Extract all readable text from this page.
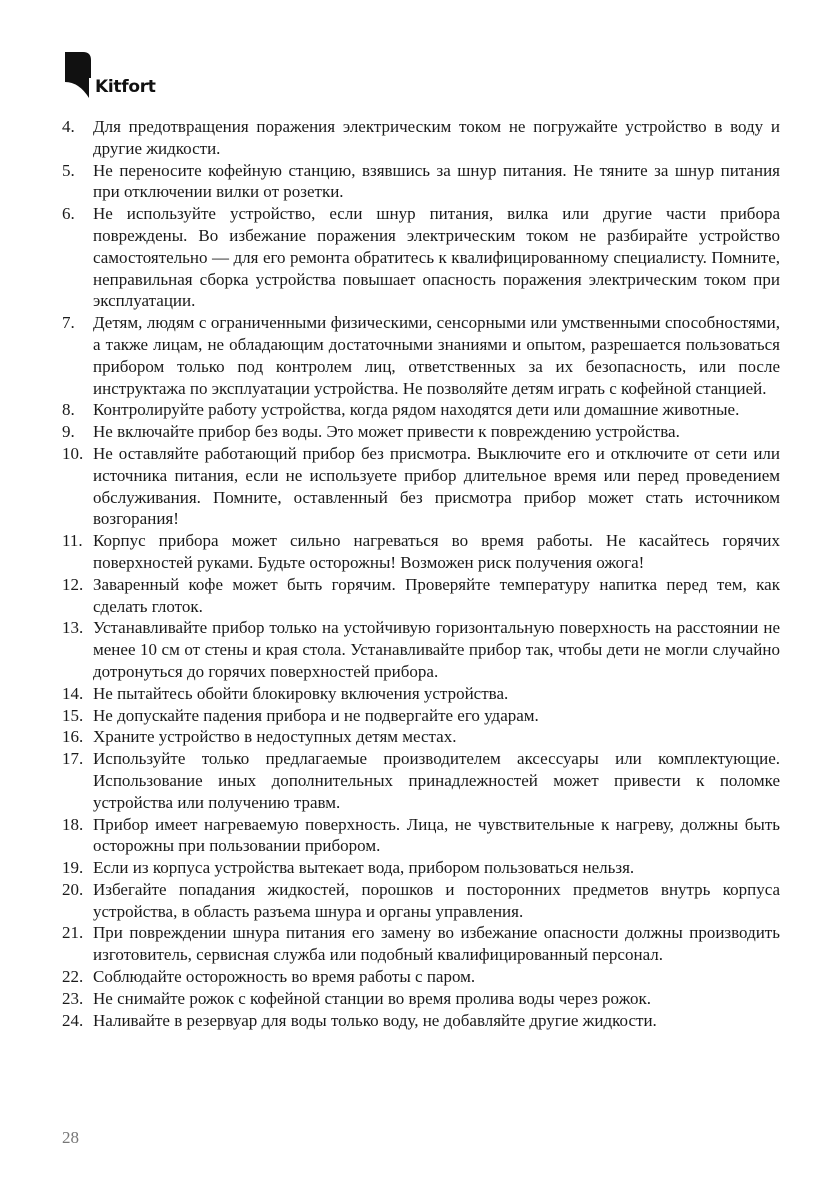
Kitfort
4. Для предотвращения поражения электрическим током не погружайте устройство в воду и другие жидкости.
5. Не переносите кофейную станцию, взявшись за шнур питания. Не тяните за шнур питания при отключении вилки от розетки.
6. Не используйте устройство, если шнур питания, вилка или другие части прибора повреждены. Во избежание поражения электрическим током не разбирайте устройство самостоятельно — для его ремонта обратитесь к квалифицированному специалисту. Помните, неправильная сборка устройства повышает опасность поражения электрическим током при эксплуатации.
7. Детям, людям с ограниченными физическими, сенсорными или умственными способностями, а также лицам, не обладающим достаточными знаниями и опытом, разрешается пользоваться прибором только под контролем лиц, ответственных за их безопасность, или после инструктажа по эксплуатации устройства. Не позволяйте детям играть с кофейной станцией.
8. Контролируйте работу устройства, когда рядом находятся дети или домашние животные.
9. Не включайте прибор без воды. Это может привести к повреждению устройства.
10. Не оставляйте работающий прибор без присмотра. Выключите его и отключите от сети или источника питания, если не используете прибор длительное время или перед проведением обслуживания. Помните, оставленный без присмотра прибор может стать источником возгорания!
11. Корпус прибора может сильно нагреваться во время работы. Не касайтесь горячих поверхностей руками. Будьте осторожны! Возможен риск получения ожога!
12. Заваренный кофе может быть горячим. Проверяйте температуру напитка перед тем, как сделать глоток.
13. Устанавливайте прибор только на устойчивую горизонтальную поверхность на расстоянии не менее 10 см от стены и края стола. Устанавливайте прибор так, чтобы дети не могли случайно дотронуться до горячих поверхностей прибора.
14. Не пытайтесь обойти блокировку включения устройства.
15. Не допускайте падения прибора и не подвергайте его ударам.
16. Храните устройство в недоступных детям местах.
17. Используйте только предлагаемые производителем аксессуары или комплектующие. Использование иных дополнительных принадлежностей может привести к поломке устройства или получению травм.
18. Прибор имеет нагреваемую поверхность. Лица, не чувствительные к нагреву, должны быть осторожны при пользовании прибором.
19. Если из корпуса устройства вытекает вода, прибором пользоваться нельзя.
20. Избегайте попадания жидкостей, порошков и посторонних предметов внутрь корпуса устройства, в область разъема шнура и органы управления.
21. При повреждении шнура питания его замену во избежание опасности должны производить изготовитель, сервисная служба или подобный квалифицированный персонал.
22. Соблюдайте осторожность во время работы с паром.
23. Не снимайте рожок с кофейной станции во время пролива воды через рожок.
24. Наливайте в резервуар для воды только воду, не добавляйте другие жидкости.
28
